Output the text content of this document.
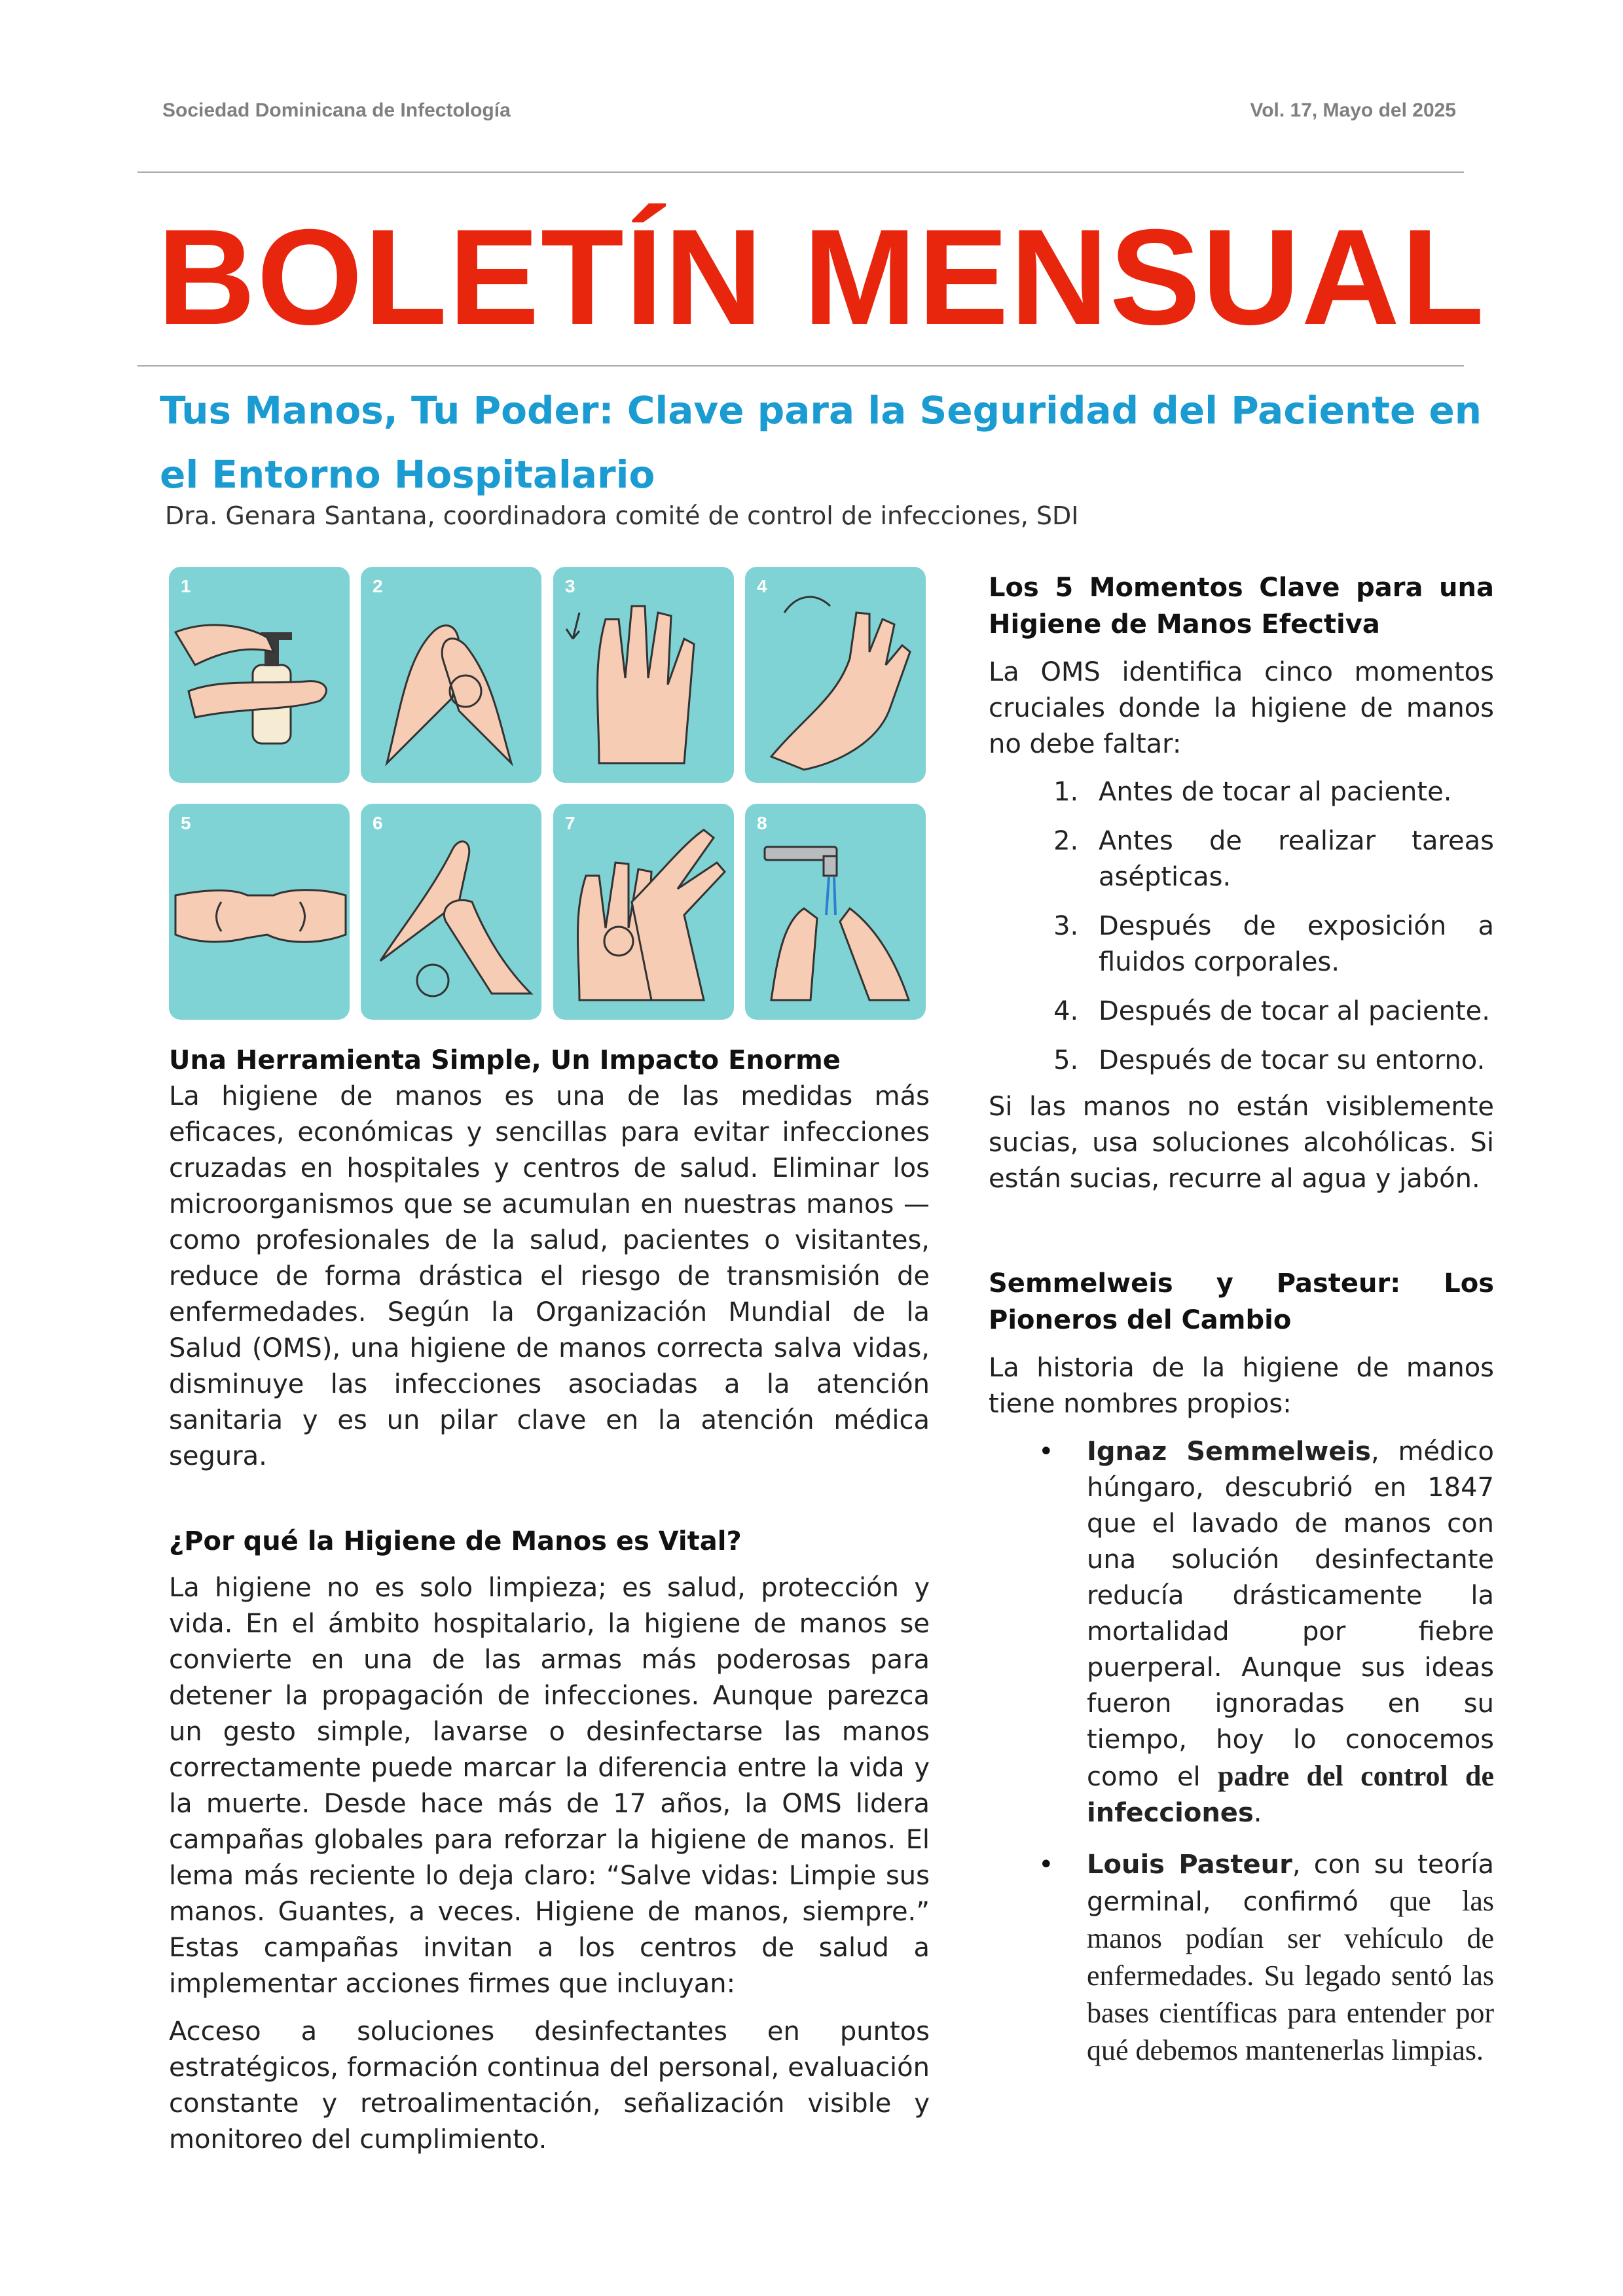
Sociedad Dominicana de Infectología	Vol. 17, Mayo del 2025
BOLETÍN MENSUAL
Tus Manos, Tu Poder: Clave para la Seguridad del Paciente en el Entorno Hospitalario
Dra. Genara Santana, coordinadora comité de control de infecciones, SDI
1	2	3	4
5	6	7	8
Una Herramienta Simple, Un Impacto Enorme

La higiene de manos es una de las medidas más eficaces, económicas y sencillas para evitar infecciones cruzadas en hospitales y centros de salud. Eliminar los microorganismos que se acumulan en nuestras manos — como profesionales de la salud, pacientes o visitantes, reduce de forma drástica el riesgo de transmisión de enfermedades. Según la Organización Mundial de la Salud (OMS), una higiene de manos correcta salva vidas, disminuye las infecciones asociadas a la atención sanitaria y es un pilar clave en la atención médica segura.

¿Por qué la Higiene de Manos es Vital?

La higiene no es solo limpieza; es salud, protección y vida. En el ámbito hospitalario, la higiene de manos se convierte en una de las armas más poderosas para detener la propagación de infecciones. Aunque parezca un gesto simple, lavarse o desinfectarse las manos correctamente puede marcar la diferencia entre la vida y la muerte. Desde hace más de 17 años, la OMS lidera campañas globales para reforzar la higiene de manos. El lema más reciente lo deja claro: “Salve vidas: Limpie sus manos. Guantes, a veces. Higiene de manos, siempre.” Estas campañas invitan a los centros de salud a implementar acciones firmes que incluyan:

Acceso a soluciones desinfectantes en puntos estratégicos, formación continua del personal, evaluación constante y retroalimentación, señalización visible y monitoreo del cumplimiento.

Los 5 Momentos Clave para una Higiene de Manos Efectiva

La OMS identifica cinco momentos cruciales donde la higiene de manos no debe faltar:

1. Antes de tocar al paciente.
2. Antes de realizar tareas asépticas.
3. Después de exposición a fluidos corporales.
4. Después de tocar al paciente.
5. Después de tocar su entorno.

Si las manos no están visiblemente sucias, usa soluciones alcohólicas. Si están sucias, recurre al agua y jabón.

Semmelweis y Pasteur: Los Pioneros del Cambio

La historia de la higiene de manos tiene nombres propios:

• Ignaz Semmelweis, médico húngaro, descubrió en 1847 que el lavado de manos con una solución desinfectante reducía drásticamente la mortalidad por fiebre puerperal. Aunque sus ideas fueron ignoradas en su tiempo, hoy lo conocemos como el padre del control de infecciones.
• Louis Pasteur, con su teoría germinal, confirmó que las manos podían ser vehículo de enfermedades. Su legado sentó las bases científicas para entender por qué debemos mantenerlas limpias.
